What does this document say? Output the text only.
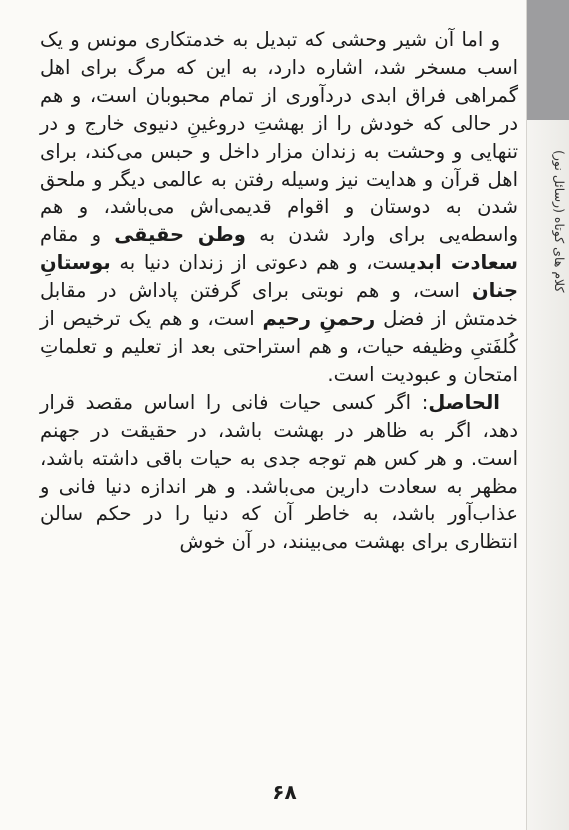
کلام های کوتاه (رسائل نور)

و اما آن شیر وحشی که تبدیل به خدمتکاری مونس و یک اسب مسخر شد، اشاره دارد، به این که مرگ برای اهل گمراهی فراق ابدی دردآوری از تمام محبوبان است، و هم در حالی که خودش را از بهشتِ دروغینِ دنیوی خارج و در تنهایی و وحشت به زندان مزار داخل و حبس می‌کند، برای اهل قرآن و هدایت نیز وسیله رفتن به عالمی دیگر و ملحق شدن به دوستان و اقوام قدیمی‌اش می‌باشد، و هم واسطه‌یی برای وارد شدن به وطن حقیقی و مقام سعادت ابدیست، و هم دعوتی از زندان دنیا به بوستانِ جنان است، و هم نوبتی برای گرفتن پاداش در مقابل خدمتش از فضل رحمنِ رحیم است، و هم یک ترخیص از کُلفَتیِ وظیفه حیات، و هم استراحتی بعد از تعلیم و تعلماتِ امتحان و عبودیت است.

الحاصل: اگر کسی حیات فانی را اساس مقصد قرار دهد، اگر به ظاهر در بهشت باشد، در حقیقت در جهنم است. و هر کس هم توجه جدی به حیات باقی داشته باشد، مظهر به سعادت دارین می‌باشد. و هر اندازه دنیا فانی و عذاب‌آور باشد، به خاطر آن که دنیا را در حکم سالن انتظاری برای بهشت می‌بینند، در آن خوش

۶۸
